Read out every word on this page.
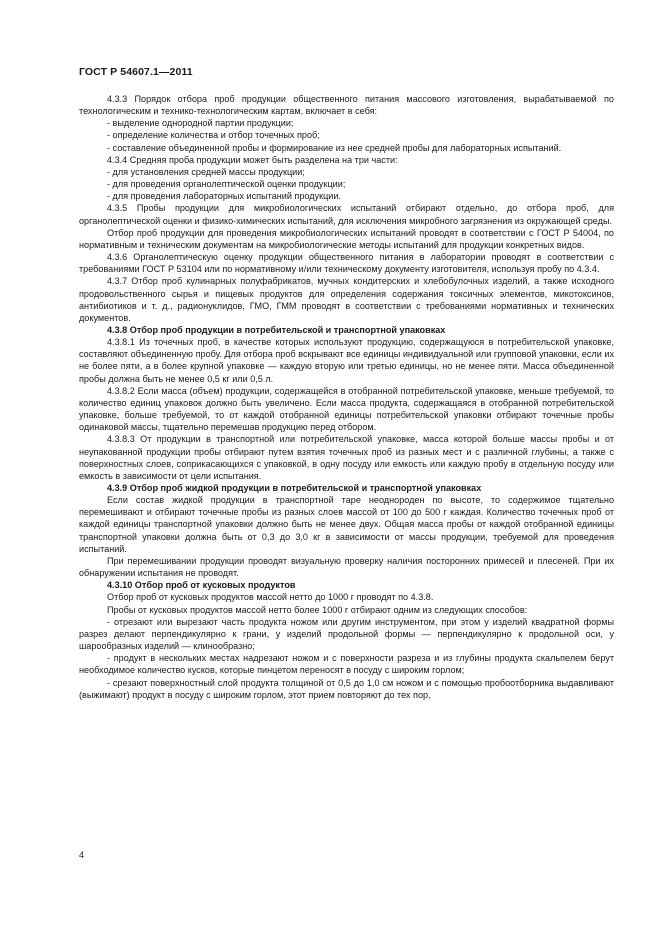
ГОСТ Р 54607.1—2011

4.3.3 Порядок отбора проб продукции общественного питания массового изготовления, вырабатываемой по технологическим и технико-технологическим картам, включает в себя:

- выделение однородной партии продукции;

- определение количества и отбор точечных проб;

- составление объединенной пробы и формирование из нее средней пробы для лабораторных испытаний.

4.3.4 Средняя проба продукции может быть разделена на три части:

- для установления средней массы продукции;

- для проведения органолептической оценки продукции;

- для проведения лабораторных испытаний продукции.

4.3.5 Пробы продукции для микробиологических испытаний отбирают отдельно, до отбора проб, для органолептической оценки и физико-химических испытаний, для исключения микробного загрязнения из окружающей среды.

Отбор проб продукции для проведения микробиологических испытаний проводят в соответствии с ГОСТ Р 54004, по нормативным и техническим документам на микробиологические методы испытаний для продукции конкретных видов.

4.3.6 Органолептическую оценку продукции общественного питания в лаборатории проводят в соответствии с требованиями ГОСТ Р 53104 или по нормативному и/или техническому документу изготовителя, используя пробу по 4.3.4.

4.3.7 Отбор проб кулинарных полуфабрикатов, мучных кондитерских и хлебобулочных изделий, а также исходного продовольственного сырья и пищевых продуктов для определения содержания токсичных элементов, микотоксинов, антибиотиков и т. д., радионуклидов, ГМО, ГММ проводят в соответствии с требованиями нормативных и технических документов.

4.3.8 Отбор проб продукции в потребительской и транспортной упаковках

4.3.8.1 Из точечных проб, в качестве которых используют продукцию, содержащуюся в потребительской упаковке, составляют объединенную пробу. Для отбора проб вскрывают все единицы индивидуальной или групповой упаковки, если их не более пяти, а в более крупной упаковке — каждую вторую или третью единицы, но не менее пяти. Масса объединенной пробы должна быть не менее 0,5 кг или 0,5 л.

4.3.8.2 Если масса (объем) продукции, содержащейся в отобранной потребительской упаковке, меньше требуемой, то количество единиц упаковок должно быть увеличено. Если масса продукта, содержащаяся в отобранной потребительской упаковке, больше требуемой, то от каждой отобранной единицы потребительской упаковки отбирают точечные пробы одинаковой массы, тщательно перемешав продукцию перед отбором.

4.3.8.3 От продукции в транспортной или потребительской упаковке, масса которой больше массы пробы и от неупакованной продукции пробы отбирают путем взятия точечных проб из разных мест и с различной глубины, а также с поверхностных слоев, соприкасающихся с упаковкой, в одну посуду или емкость или каждую пробу в отдельную посуду или емкость в зависимости от цели испытания.

4.3.9 Отбор проб жидкой продукции в потребительской и транспортной упаковках

Если состав жидкой продукции в транспортной таре неоднороден по высоте, то содержимое тщательно перемешивают и отбирают точечные пробы из разных слоев массой от 100 до 500 г каждая. Количество точечных проб от каждой единицы транспортной упаковки должно быть не менее двух. Общая масса пробы от каждой отобранной единицы транспортной упаковки должна быть от 0,3 до 3,0 кг в зависимости от массы продукции, требуемой для проведения испытаний.

При перемешивании продукции проводят визуальную проверку наличия посторонних примесей и плесеней. При их обнаружении испытания не проводят.

4.3.10 Отбор проб от кусковых продуктов

Отбор проб от кусковых продуктов массой нетто до 1000 г проводят по 4.3.8.

Пробы от кусковых продуктов массой нетто более 1000 г отбирают одним из следующих способов:

- отрезают или вырезают часть продукта ножом или другим инструментом, при этом у изделий квадратной формы разрез делают перпендикулярно к грани, у изделий продольной формы — перпендикулярно к продольной оси, у шарообразных изделий — клинообразно;

- продукт в нескольких местах надрезают ножом и с поверхности разреза и из глубины продукта скальпелем берут необходимое количество кусков, которые пинцетом переносят в посуду с широким горлом;

- срезают поверхностный слой продукта толщиной от 0,5 до 1,0 см ножом и с помощью пробоотборника выдавливают (выжимают) продукт в посуду с широким горлом, этот прием повторяют до тех пор,

4
